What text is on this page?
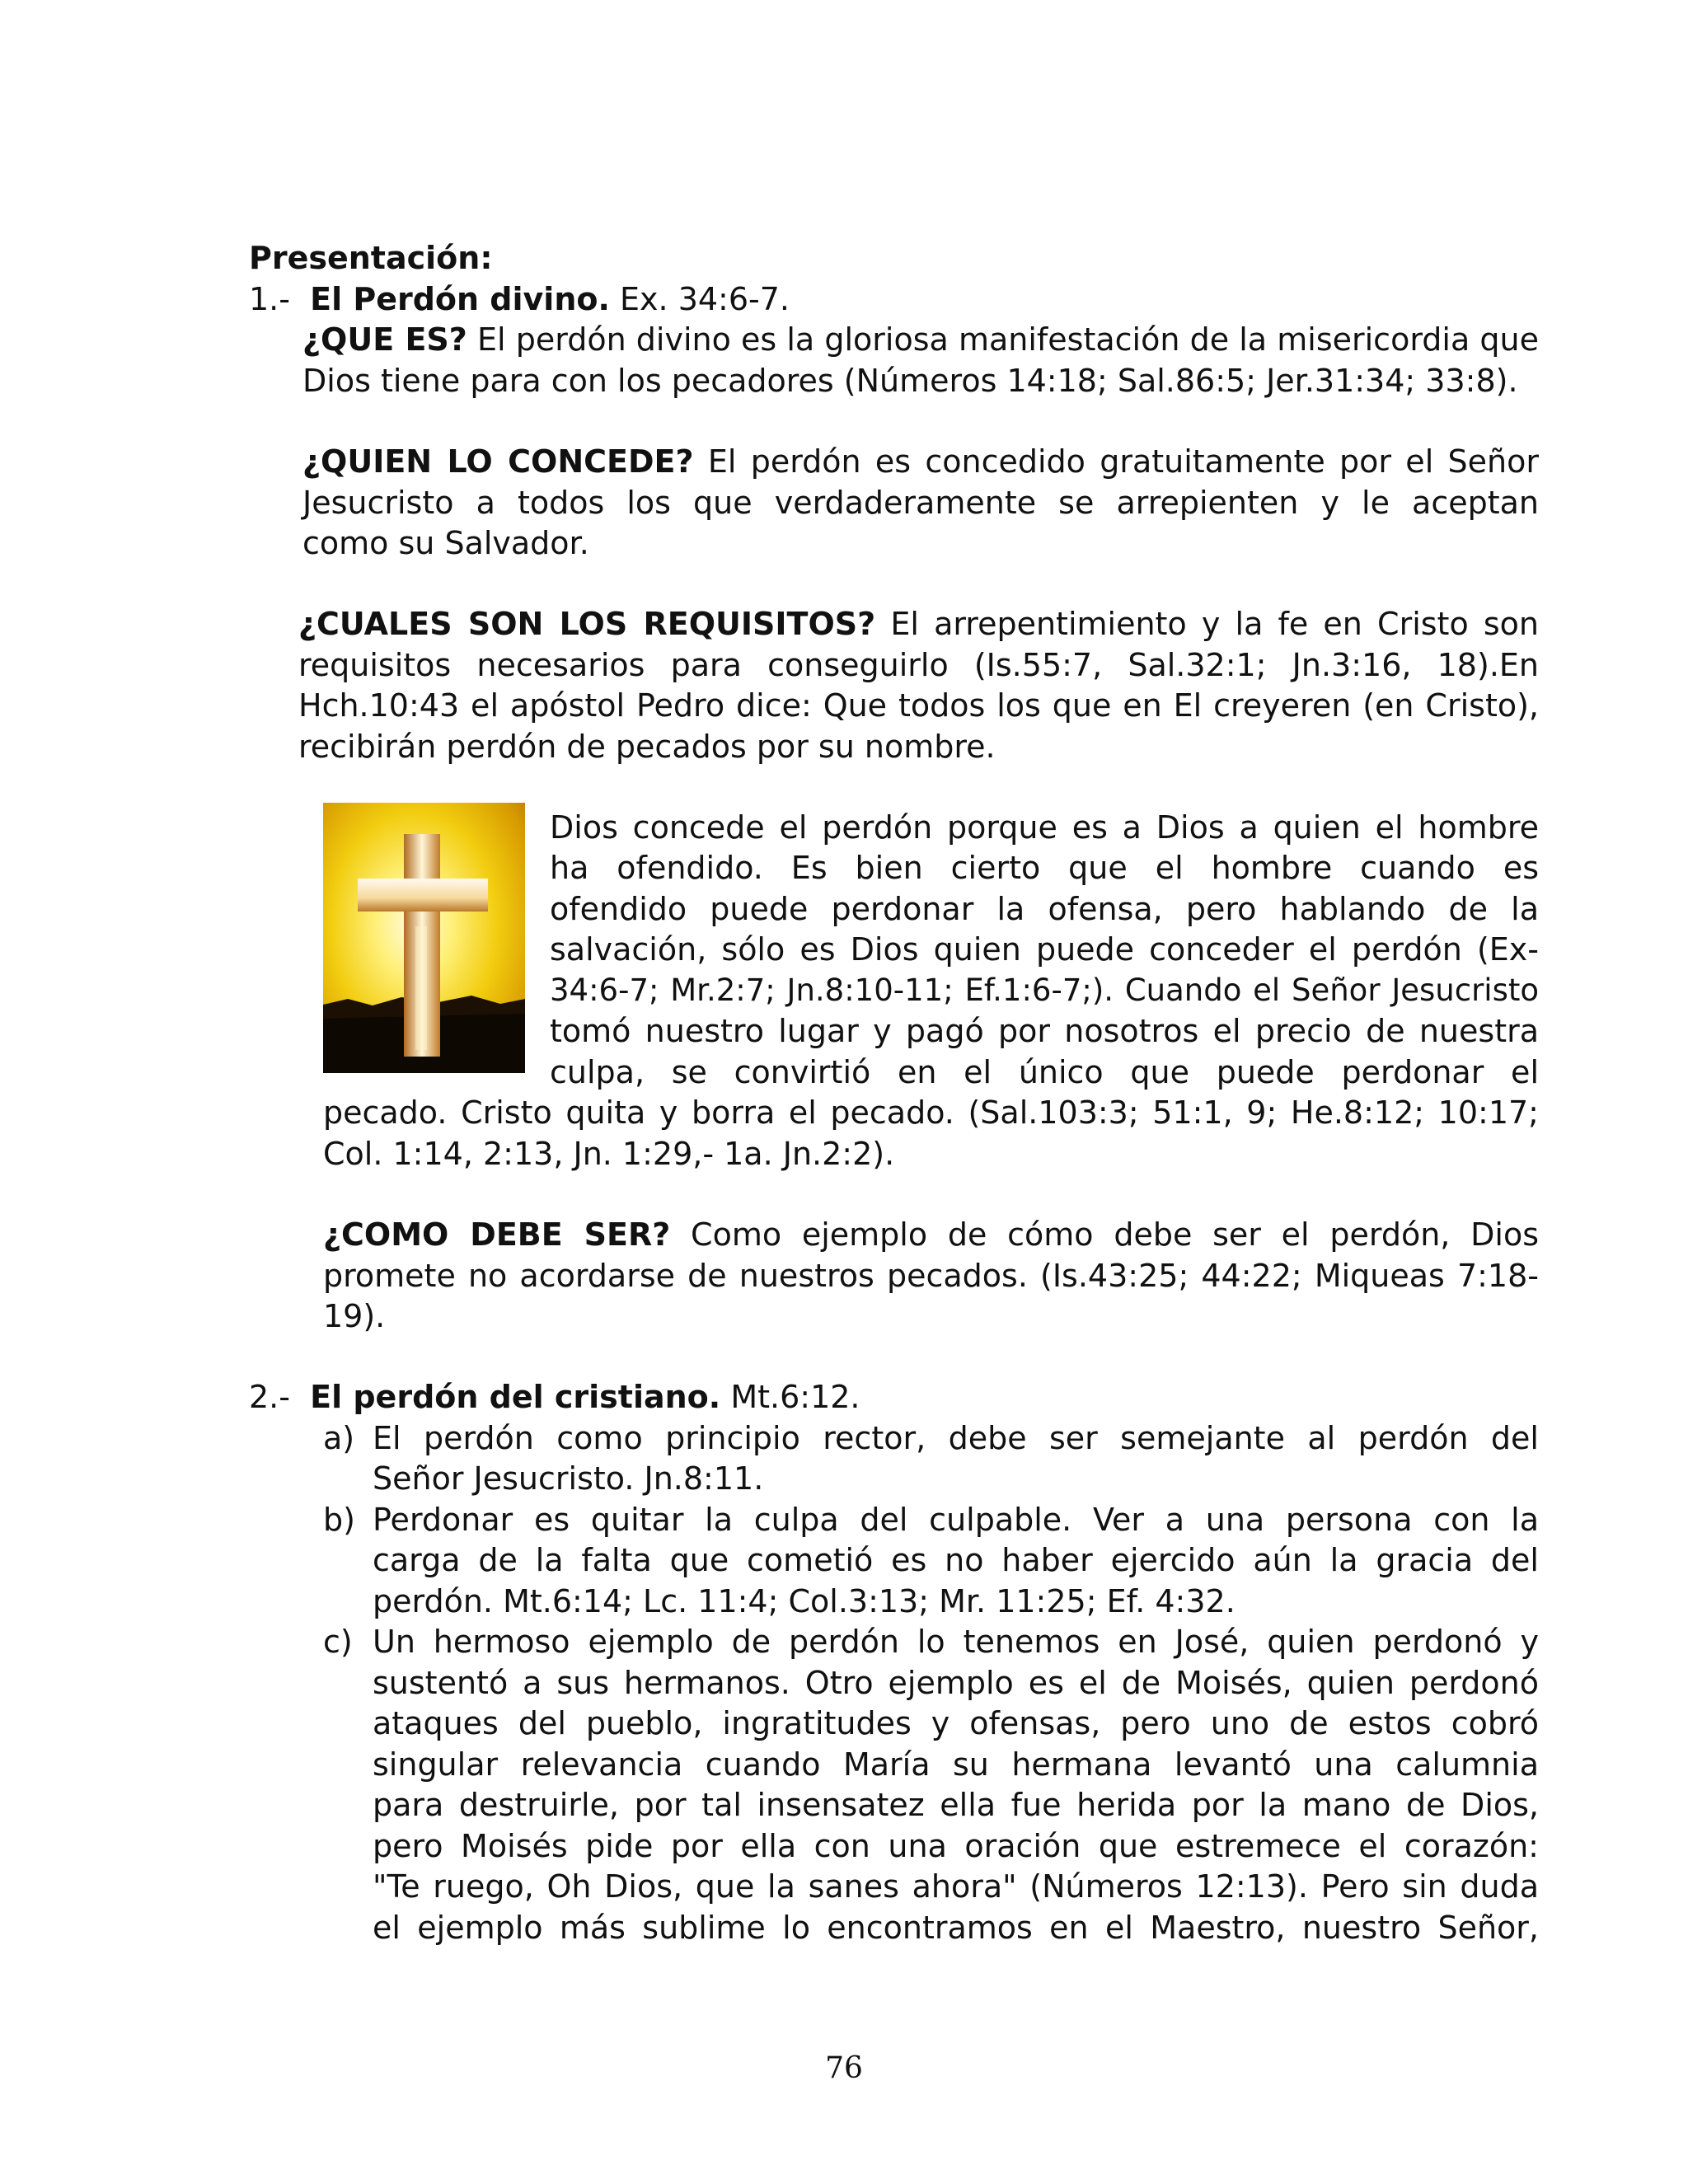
Presentación:
1.- El Perdón divino. Ex. 34:6-7.
¿QUE ES? El perdón divino es la gloriosa manifestación de la misericordia que
Dios tiene para con los pecadores (Números 14:18; Sal.86:5; Jer.31:34; 33:8).
¿QUIEN LO CONCEDE? El perdón es concedido gratuitamente por el Señor
Jesucristo a todos los que verdaderamente se arrepienten y le aceptan
como su Salvador.
¿CUALES SON LOS REQUISITOS? El arrepentimiento y la fe en Cristo son
requisitos necesarios para conseguirlo (Is.55:7, Sal.32:1; Jn.3:16, 18).En
Hch.10:43 el apóstol Pedro dice: Que todos los que en El creyeren (en Cristo),
recibirán perdón de pecados por su nombre.
Dios concede el perdón porque es a Dios a quien el hombre
ha ofendido. Es bien cierto que el hombre cuando es
ofendido puede perdonar la ofensa, pero hablando de la
salvación, sólo es Dios quien puede conceder el perdón (Ex-
34:6-7; Mr.2:7; Jn.8:10-11; Ef.1:6-7;). Cuando el Señor Jesucristo
tomó nuestro lugar y pagó por nosotros el precio de nuestra
culpa, se convirtió en el único que puede perdonar el
pecado. Cristo quita y borra el pecado. (Sal.103:3; 51:1, 9; He.8:12; 10:17;
Col. 1:14, 2:13, Jn. 1:29,- 1a. Jn.2:2).
¿COMO DEBE SER? Como ejemplo de cómo debe ser el perdón, Dios
promete no acordarse de nuestros pecados. (Is.43:25; 44:22; Miqueas 7:18-
19).
2.- El perdón del cristiano. Mt.6:12.
a) El perdón como principio rector, debe ser semejante al perdón del
Señor Jesucristo. Jn.8:11.
b) Perdonar es quitar la culpa del culpable. Ver a una persona con la
carga de la falta que cometió es no haber ejercido aún la gracia del
perdón. Mt.6:14; Lc. 11:4; Col.3:13; Mr. 11:25; Ef. 4:32.
c) Un hermoso ejemplo de perdón lo tenemos en José, quien perdonó y
sustentó a sus hermanos. Otro ejemplo es el de Moisés, quien perdonó
ataques del pueblo, ingratitudes y ofensas, pero uno de estos cobró
singular relevancia cuando María su hermana levantó una calumnia
para destruirle, por tal insensatez ella fue herida por la mano de Dios,
pero Moisés pide por ella con una oración que estremece el corazón:
"Te ruego, Oh Dios, que la sanes ahora" (Números 12:13). Pero sin duda
el ejemplo más sublime lo encontramos en el Maestro, nuestro Señor,
76
